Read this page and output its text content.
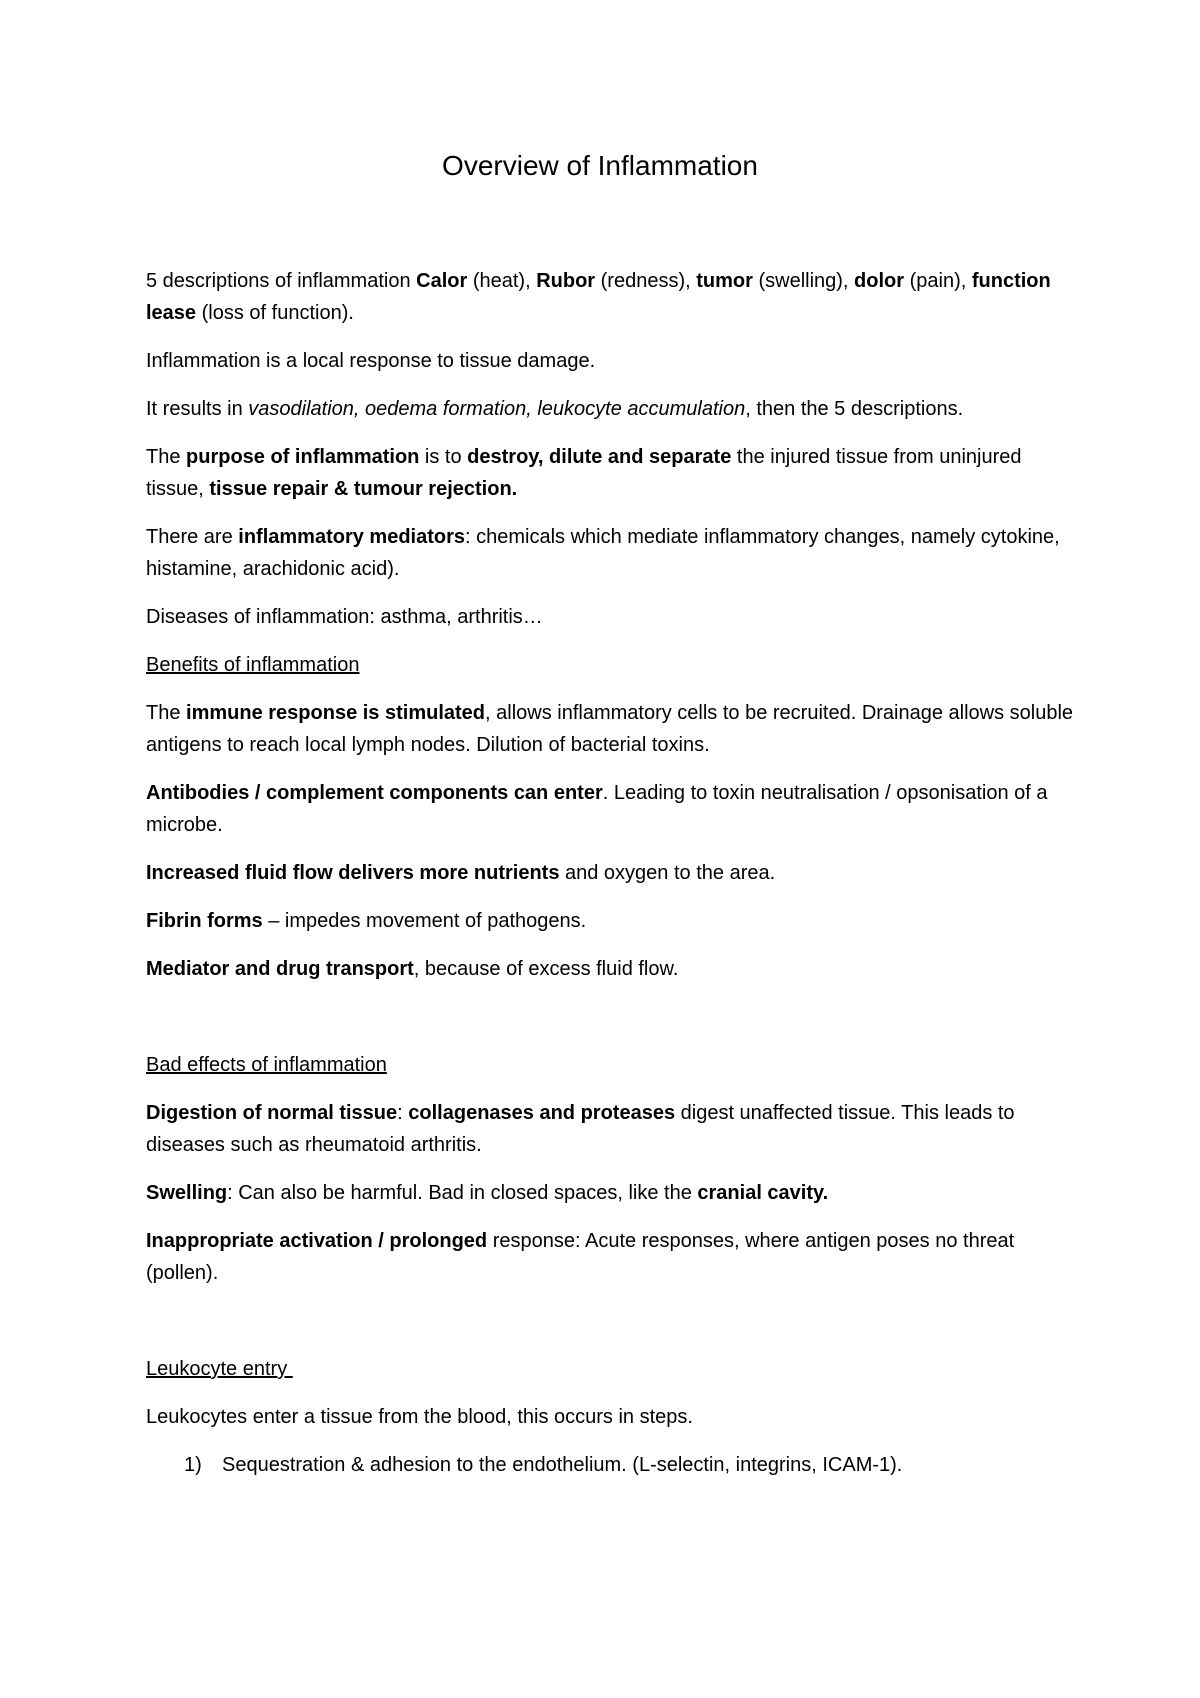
Overview of Inflammation

5 descriptions of inflammation Calor (heat), Rubor (redness), tumor (swelling), dolor (pain), function lease (loss of function).

Inflammation is a local response to tissue damage.

It results in vasodilation, oedema formation, leukocyte accumulation, then the 5 descriptions.

The purpose of inflammation is to destroy, dilute and separate the injured tissue from uninjured tissue, tissue repair & tumour rejection.

There are inflammatory mediators: chemicals which mediate inflammatory changes, namely cytokine, histamine, arachidonic acid).

Diseases of inflammation: asthma, arthritis…

Benefits of inflammation

The immune response is stimulated, allows inflammatory cells to be recruited. Drainage allows soluble antigens to reach local lymph nodes. Dilution of bacterial toxins.

Antibodies / complement components can enter. Leading to toxin neutralisation / opsonisation of a microbe.

Increased fluid flow delivers more nutrients and oxygen to the area.

Fibrin forms – impedes movement of pathogens.

Mediator and drug transport, because of excess fluid flow.

Bad effects of inflammation

Digestion of normal tissue: collagenases and proteases digest unaffected tissue. This leads to diseases such as rheumatoid arthritis.

Swelling: Can also be harmful. Bad in closed spaces, like the cranial cavity.

Inappropriate activation / prolonged response: Acute responses, where antigen poses no threat (pollen).

Leukocyte entry

Leukocytes enter a tissue from the blood, this occurs in steps.

1)	Sequestration & adhesion to the endothelium. (L-selectin, integrins, ICAM-1).
